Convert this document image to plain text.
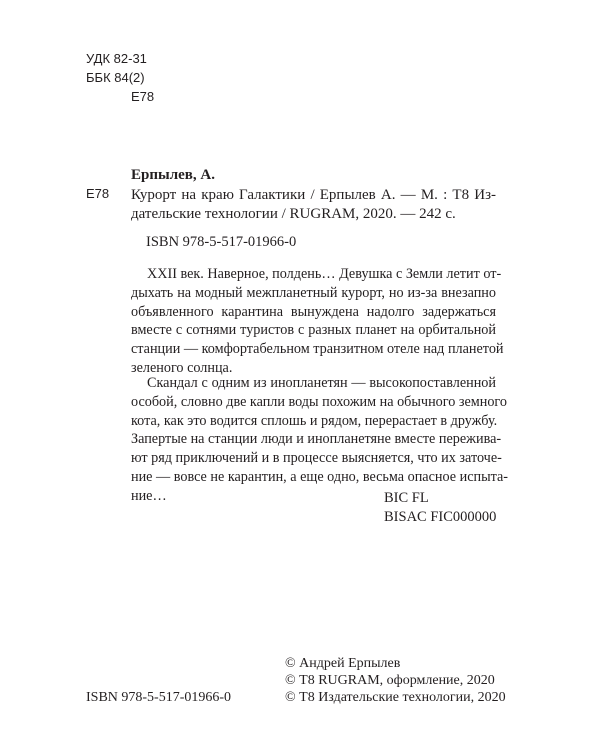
УДК 82-31
ББК 84(2)
Е78
Е78
Ерпылев, А.
Курорт на краю Галактики / Ерпылев А. — М. : Т8 Из-
дательские технологии / RUGRAM, 2020. — 242 с.
ISBN 978-5-517-01966-0
XXII век. Наверное, полдень… Девушка с Земли летит от-
дыхать на модный межпланетный курорт, но из-за внезапно
объявленного карантина вынуждена надолго задержаться
вместе с сотнями туристов с разных планет на орбитальной
станции — комфортабельном транзитном отеле над планетой
зеленого солнца.
Скандал с одним из инопланетян — высокопоставленной
особой, словно две капли воды похожим на обычного земного
кота, как это водится сплошь и рядом, перерастает в дружбу.
Запертые на станции люди и инопланетяне вместе пережива-
ют ряд приключений и в процессе выясняется, что их заточе-
ние — вовсе не карантин, а еще одно, весьма опасное испыта-
ние…	BIC FL
BISAC FIC000000
ISBN 978-5-517-01966-0
© Андрей Ерпылев
© Т8 RUGRAM, оформление, 2020
© Т8 Издательские технологии, 2020
